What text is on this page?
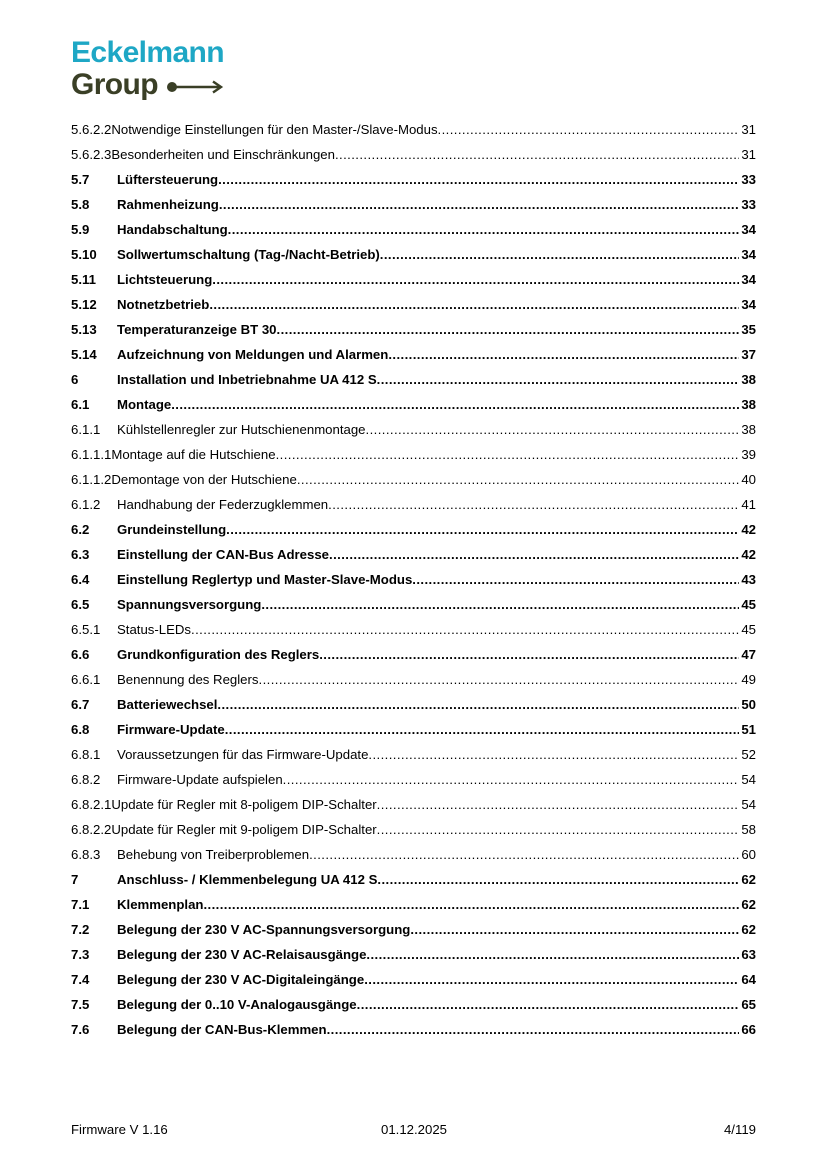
Eckelmann
Group
5.6.2.2 Notwendige Einstellungen für den Master-/Slave-Modus .....	31
5.6.2.3 Besonderheiten und Einschränkungen .....	31
5.7	Lüftersteuerung .....	33
5.8	Rahmenheizung .....	33
5.9	Handabschaltung .....	34
5.10	Sollwertumschaltung (Tag-/Nacht-Betrieb) .....	34
5.11	Lichtsteuerung .....	34
5.12	Notnetzbetrieb .....	34
5.13	Temperaturanzeige BT 30 .....	35
5.14	Aufzeichnung von Meldungen und Alarmen .....	37
6	Installation und Inbetriebnahme UA 412 S .....	38
6.1	Montage .....	38
6.1.1	Kühlstellenregler zur Hutschienenmontage .....	38
6.1.1.1 Montage auf die Hutschiene .....	39
6.1.1.2 Demontage von der Hutschiene .....	40
6.1.2	Handhabung der Federzugklemmen .....	41
6.2	Grundeinstellung .....	42
6.3	Einstellung der CAN-Bus Adresse .....	42
6.4	Einstellung Reglertyp und Master-Slave-Modus .....	43
6.5	Spannungsversorgung .....	45
6.5.1	Status-LEDs .....	45
6.6	Grundkonfiguration des Reglers .....	47
6.6.1	Benennung des Reglers .....	49
6.7	Batteriewechsel .....	50
6.8	Firmware-Update .....	51
6.8.1	Voraussetzungen für das Firmware-Update .....	52
6.8.2	Firmware-Update aufspielen .....	54
6.8.2.1 Update für Regler mit 8-poligem DIP-Schalter .....	54
6.8.2.2 Update für Regler mit 9-poligem DIP-Schalter .....	58
6.8.3	Behebung von Treiberproblemen .....	60
7	Anschluss- / Klemmenbelegung UA 412 S .....	62
7.1	Klemmenplan .....	62
7.2	Belegung der 230 V AC-Spannungsversorgung .....	62
7.3	Belegung der 230 V AC-Relaisausgänge .....	63
7.4	Belegung der 230 V AC-Digitaleingänge .....	64
7.5	Belegung der 0..10 V-Analogausgänge .....	65
7.6	Belegung der CAN-Bus-Klemmen .....	66
Firmware V 1.16	01.12.2025	4/119
